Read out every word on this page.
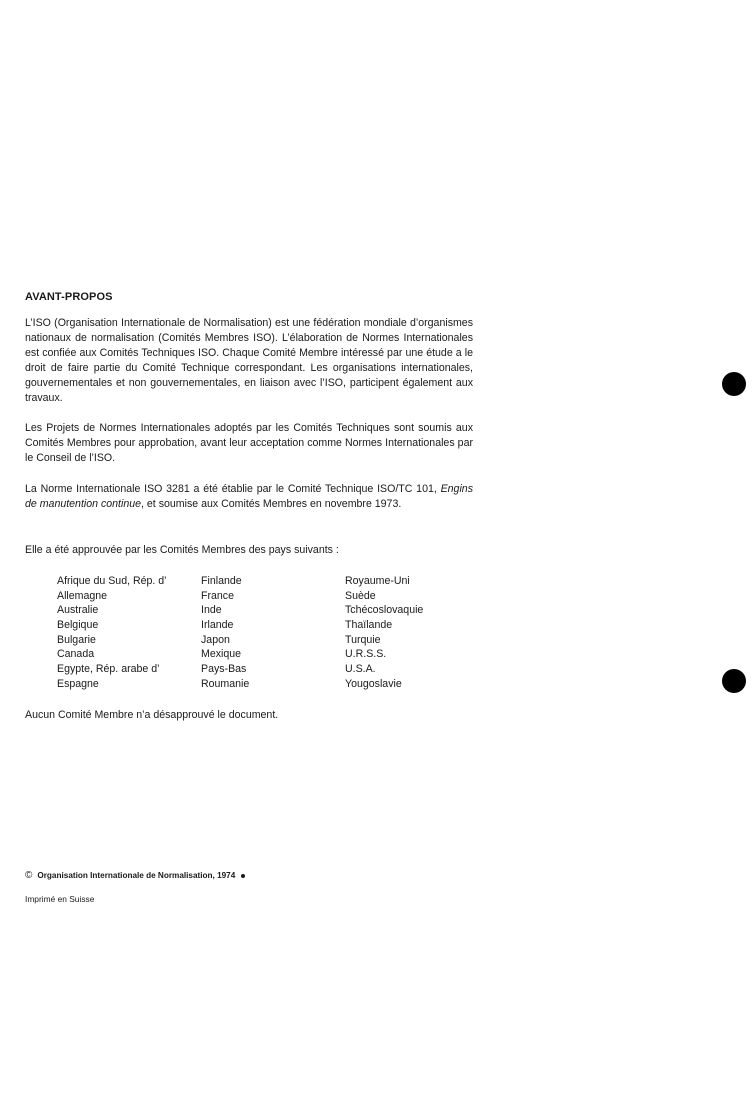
AVANT-PROPOS

L’ISO (Organisation Internationale de Normalisation) est une fédération mondiale d’organismes nationaux de normalisation (Comités Membres ISO). L’élaboration de Normes Internationales est confiée aux Comités Techniques ISO. Chaque Comité Membre intéressé par une étude a le droit de faire partie du Comité Technique correspondant. Les organisations internationales, gouvernementales et non gouvernementales, en liaison avec l’ISO, participent également aux travaux.

Les Projets de Normes Internationales adoptés par les Comités Techniques sont soumis aux Comités Membres pour approbation, avant leur acceptation comme Normes Internationales par le Conseil de l’ISO.

La Norme Internationale ISO 3281 a été établie par le Comité Technique ISO/TC 101, Engins de manutention continue, et soumise aux Comités Membres en novembre 1973.

Elle a été approuvée par les Comités Membres des pays suivants :

Afrique du Sud, Rép. d’
Allemagne
Australie
Belgique
Bulgarie
Canada
Egypte, Rép. arabe d’
Espagne
Finlande
France
Inde
Irlande
Japon
Mexique
Pays-Bas
Roumanie
Royaume-Uni
Suède
Tchécoslovaquie
Thaïlande
Turquie
U.R.S.S.
U.S.A.
Yougoslavie

Aucun Comité Membre n’a désapprouvé le document.

© Organisation Internationale de Normalisation, 1974
Imprimé en Suisse
